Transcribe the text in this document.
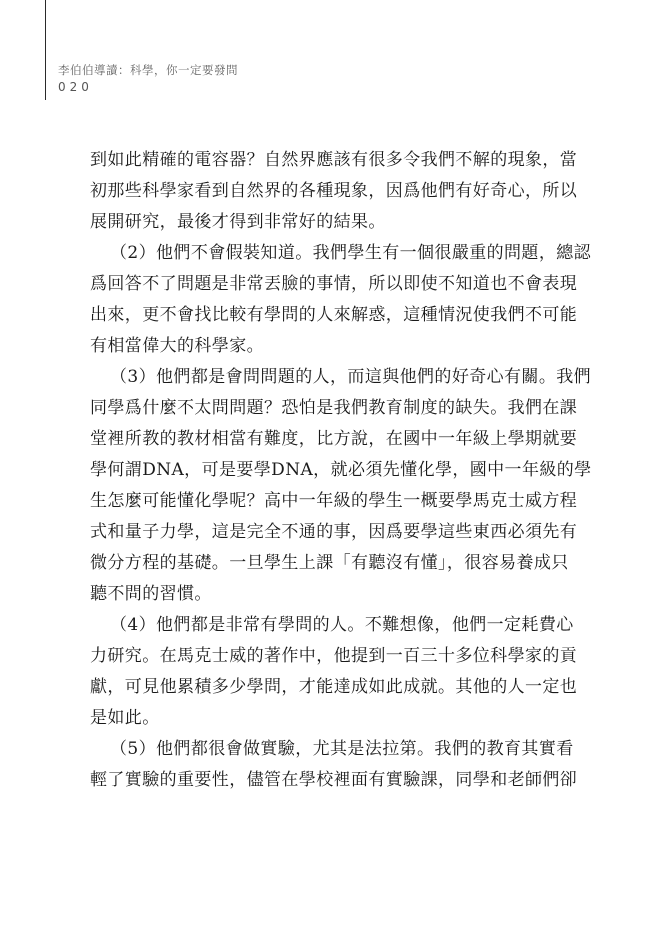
李伯伯導讀：科學，你一定要發問
020
到如此精確的電容器？自然界應該有很多令我們不解的現象，當
初那些科學家看到自然界的各種現象，因爲他們有好奇心，所以
展開研究，最後才得到非常好的結果。
（2）他們不會假裝知道。我們學生有一個很嚴重的問題，總認
爲回答不了問題是非常丟臉的事情，所以即使不知道也不會表現
出來，更不會找比較有學問的人來解惑，這種情況使我們不可能
有相當偉大的科學家。
（3）他們都是會問問題的人，而這與他們的好奇心有關。我們
同學爲什麼不太問問題？恐怕是我們教育制度的缺失。我們在課
堂裡所教的教材相當有難度，比方說，在國中一年級上學期就要
學何謂DNA，可是要學DNA，就必須先懂化學，國中一年級的學
生怎麼可能懂化學呢？高中一年級的學生一概要學馬克士威方程
式和量子力學，這是完全不通的事，因爲要學這些東西必須先有
微分方程的基礎。一旦學生上課「有聽沒有懂」，很容易養成只
聽不問的習慣。
（4）他們都是非常有學問的人。不難想像，他們一定耗費心
力研究。在馬克士威的著作中，他提到一百三十多位科學家的貢
獻，可見他累積多少學問，才能達成如此成就。其他的人一定也
是如此。
（5）他們都很會做實驗，尤其是法拉第。我們的教育其實看
輕了實驗的重要性，儘管在學校裡面有實驗課，同學和老師們卻
